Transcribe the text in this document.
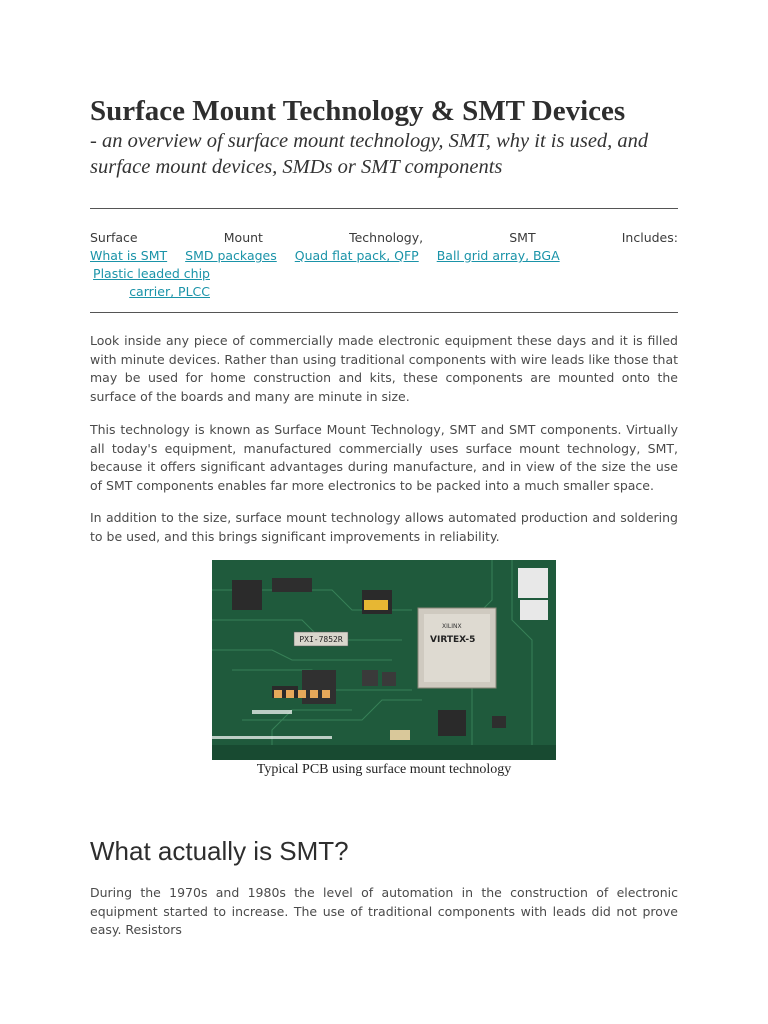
Surface Mount Technology & SMT Devices

- an overview of surface mount technology, SMT, why it is used, and surface mount devices, SMDs or SMT components

Surface	Mount	Technology,	SMT	Includes:
What is SMT SMD packages Quad flat pack, QFP Ball grid array, BGA
Plastic leaded chip carrier, PLCC

Look inside any piece of commercially made electronic equipment these days and it is filled with minute devices. Rather than using traditional components with wire leads like those that may be used for home construction and kits, these components are mounted onto the surface of the boards and many are minute in size.

This technology is known as Surface Mount Technology, SMT and SMT components. Virtually all today's equipment, manufactured commercially uses surface mount technology, SMT, because it offers significant advantages during manufacture, and in view of the size the use of SMT components enables far more electronics to be packed into a much smaller space.

In addition to the size, surface mount technology allows automated production and soldering to be used, and this brings significant improvements in reliability.

PXI-7852R
XILINX
VIRTEX-5
Typical PCB using surface mount technology
What actually is SMT?

During the 1970s and 1980s the level of automation in the construction of electronic equipment started to increase. The use of traditional components with leads did not prove easy. Resistors
